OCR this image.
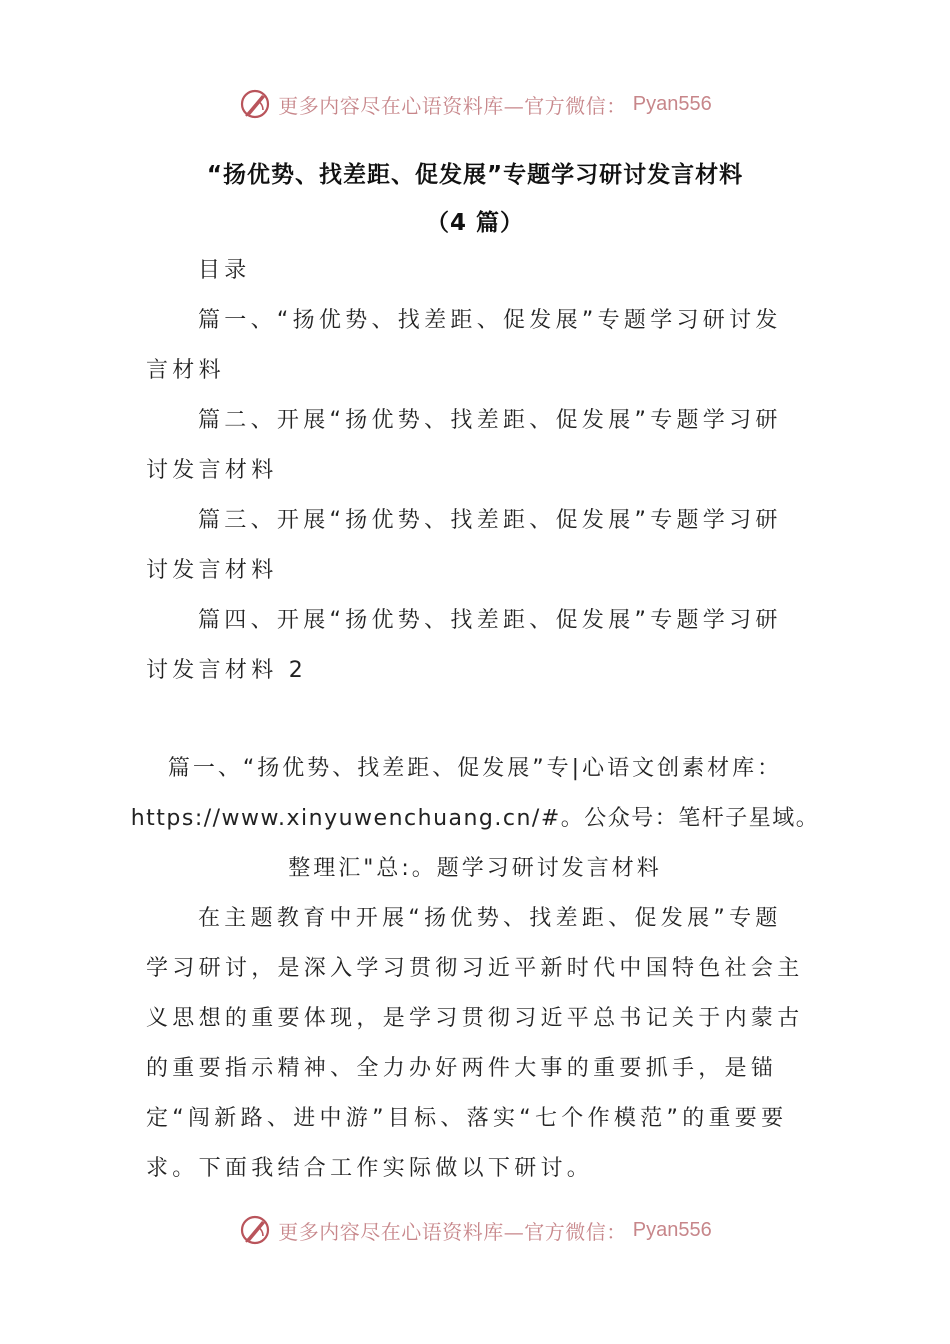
更多内容尽在心语资料库—官方微信： Pyan556
“扬优势、找差距、促发展”专题学习研讨发言材料
（4 篇）

目录

篇一、“扬优势、找差距、促发展”专题学习研讨发言材料

篇二、开展“扬优势、找差距、促发展”专题学习研讨发言材料

篇三、开展“扬优势、找差距、促发展”专题学习研讨发言材料

篇四、开展“扬优势、找差距、促发展”专题学习研讨发言材料 2

篇一、“扬优势、找差距、促发展”专|心语文创素材库：
https://www.xinyuwenchuang.cn/#。公众号：笔杆子星域。
整理汇"总:。题学习研讨发言材料

在主题教育中开展“扬优势、找差距、促发展”专题学习研讨，是深入学习贯彻习近平新时代中国特色社会主义思想的重要体现，是学习贯彻习近平总书记关于内蒙古的重要指示精神、全力办好两件大事的重要抓手，是锚定“闯新路、进中游”目标、落实“七个作模范”的重要要求。下面我结合工作实际做以下研讨。

更多内容尽在心语资料库—官方微信： Pyan556
